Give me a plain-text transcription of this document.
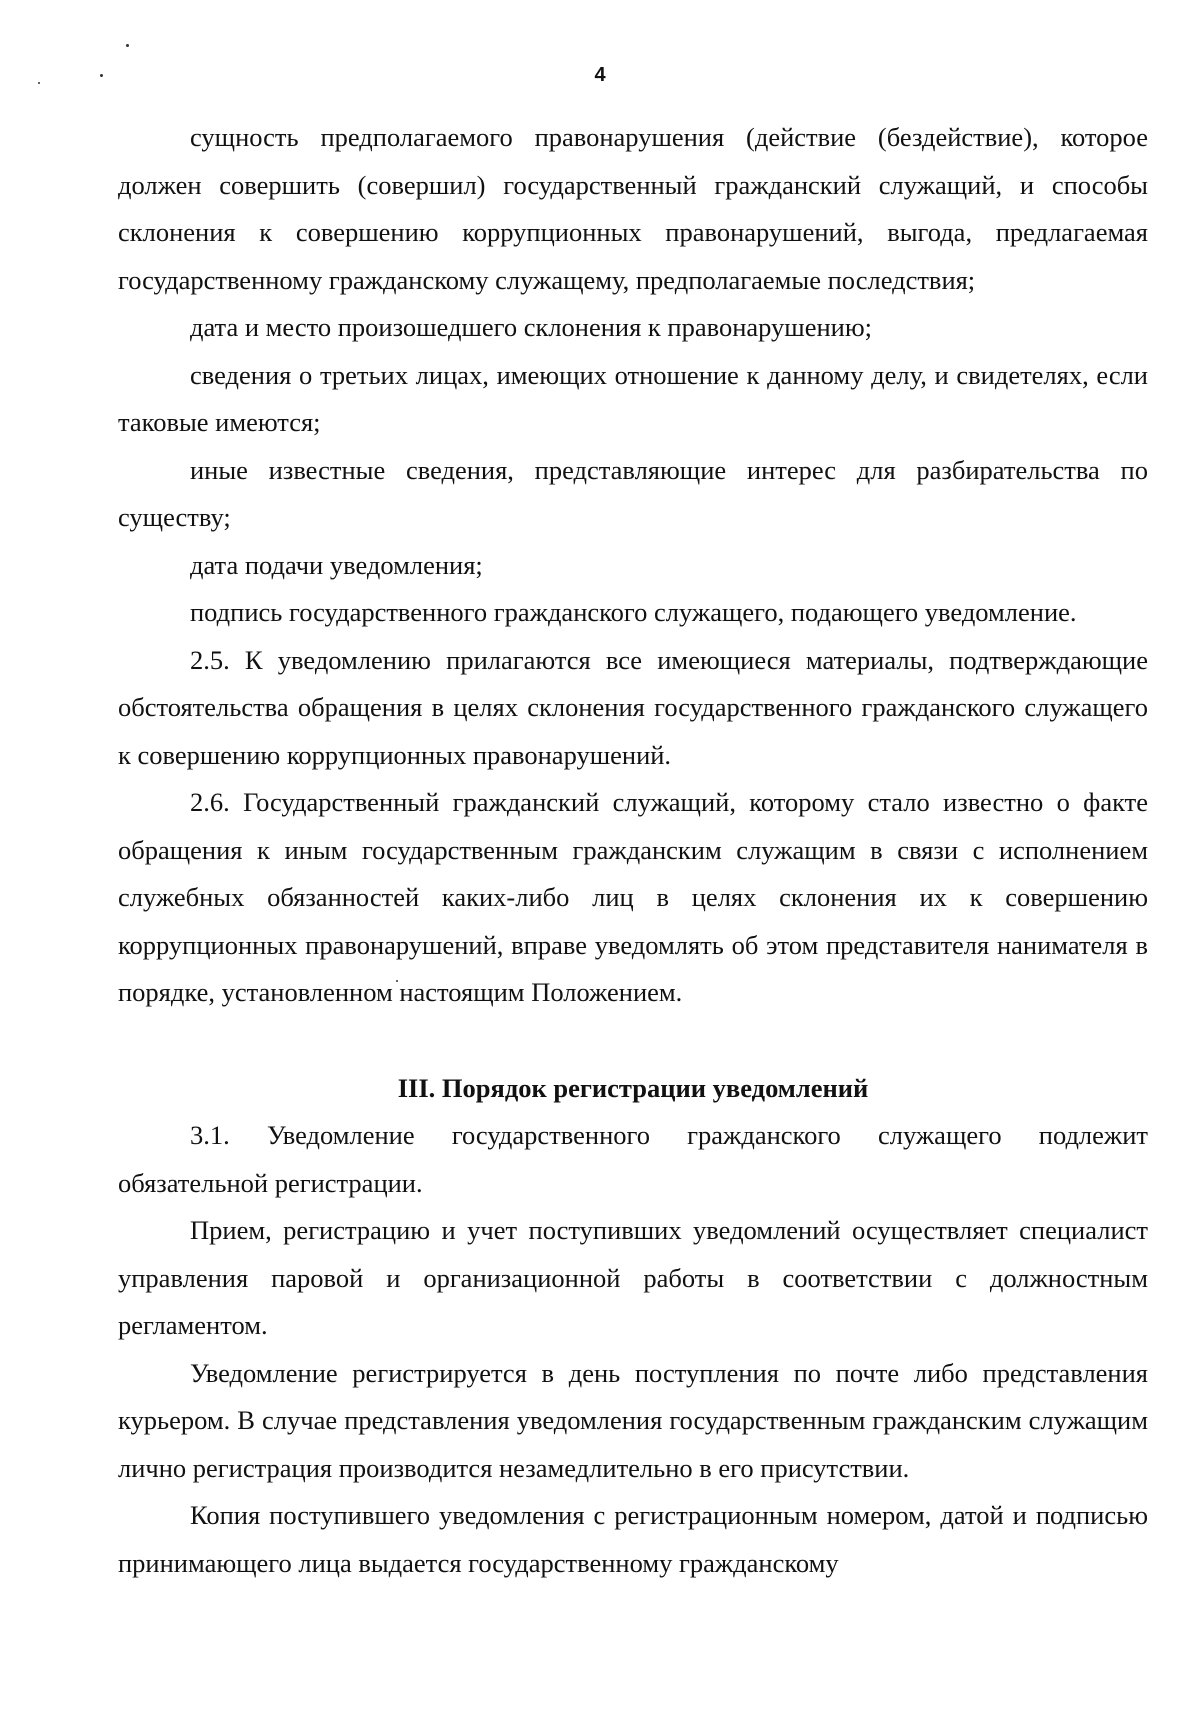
4

сущность предполагаемого правонарушения (действие (бездействие), которое должен совершить (совершил) государственный гражданский служащий, и способы склонения к совершению коррупционных правонарушений, выгода, предлагаемая государственному гражданскому служащему, предполагаемые последствия;

дата и место произошедшего склонения к правонарушению;

сведения о третьих лицах, имеющих отношение к данному делу, и свидетелях, если таковые имеются;

иные известные сведения, представляющие интерес для разбирательства по существу;

дата подачи уведомления;

подпись государственного гражданского служащего, подающего уведомление.

2.5. К уведомлению прилагаются все имеющиеся материалы, подтверждающие обстоятельства обращения в целях склонения государственного гражданского служащего к совершению коррупционных правонарушений.

2.6. Государственный гражданский служащий, которому стало известно о факте обращения к иным государственным гражданским служащим в связи с исполнением служебных обязанностей каких-либо лиц в целях склонения их к совершению коррупционных правонарушений, вправе уведомлять об этом представителя нанимателя в порядке, установленном настоящим Положением.

III. Порядок регистрации уведомлений

3.1. Уведомление государственного гражданского служащего подлежит обязательной регистрации.

Прием, регистрацию и учет поступивших уведомлений осуществляет специалист управления паровой и организационной работы в соответствии с должностным регламентом.

Уведомление регистрируется в день поступления по почте либо представления курьером. В случае представления уведомления государственным гражданским служащим лично регистрация производится незамедлительно в его присутствии.

Копия поступившего уведомления с регистрационным номером, датой и подписью принимающего лица выдается государственному гражданскому
